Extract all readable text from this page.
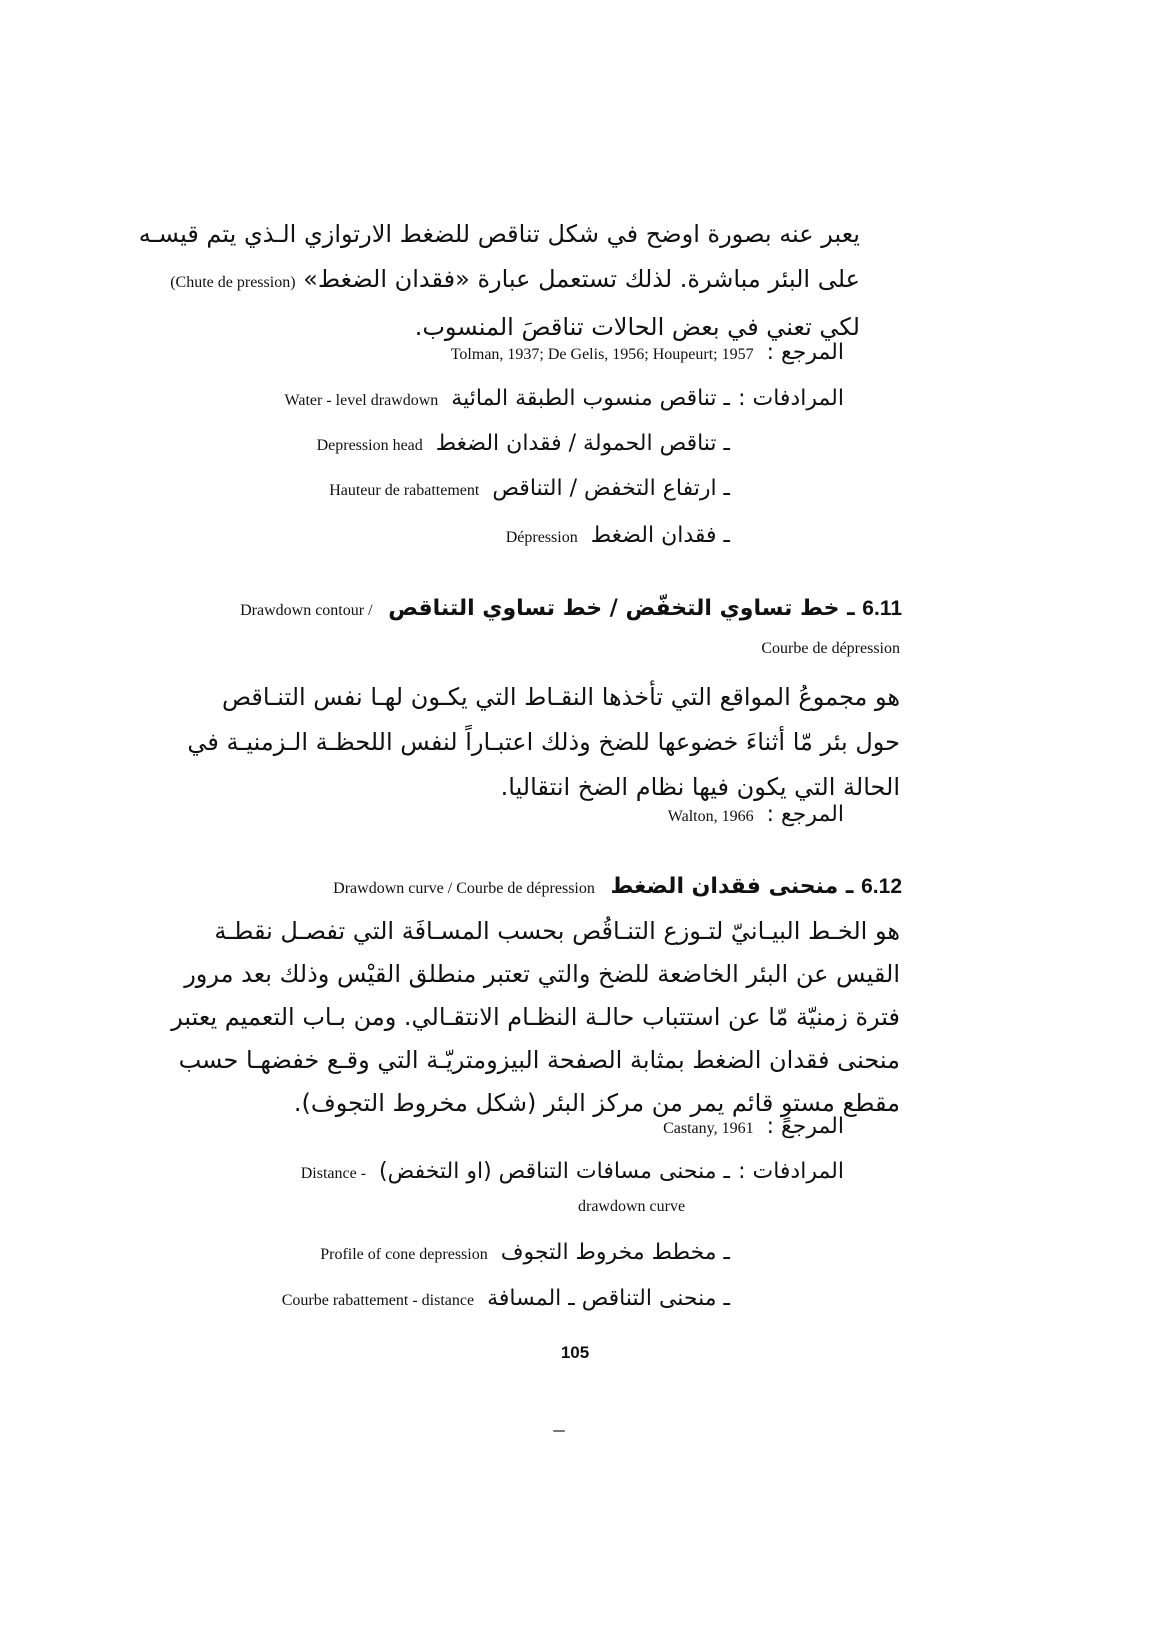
يعبر عنه بصورة اوضح في شكل تناقص للضغط الارتوازي الـذي يتم قيسـه
على البئر مباشرة. لذلك تستعمل عبارة «فقدان الضغط» (Chute de pression)
لكي تعني في بعض الحالات تناقصَ المنسوب.

المرجع : Tolman, 1937; De Gelis, 1956; Houpeurt; 1957
المرادفات :
ـ تناقص منسوب الطبقة المائية Water - level drawdown
ـ تناقص الحمولة / فقدان الضغط Depression head
ـ ارتفاع التخفض / التناقص Hauteur de rabattement
ـ فقدان الضغط Dépression
6.11 ـ خط تساوي التخفّض / خط تساوي التناقص Drawdown contour /
Courbe de dépression

هو مجموعُ المواقع التي تأخذها النقـاط التي يكـون لهـا نفس التنـاقص
حول بئر مّا أثناءَ خضوعها للضخ وذلك اعتبـاراً لنفس اللحظـة الـزمنيـة في
الحالة التي يكون فيها نظام الضخ انتقاليا.

المرجع : Walton, 1966
6.12 ـ منحنى فقدان الضغط Drawdown curve / Courbe de dépression

هو الخـط البيـانيّ لتـوزع التنـاقُص بحسب المسـافَة التي تفصـل نقطـة
القيس عن البئر الخاضعة للضخ والتي تعتبر منطلق القيْس وذلك بعد مرور
فترة زمنيّة مّا عن استتباب حالـة النظـام الانتقـالي. ومن بـاب التعميم يعتبر
منحنى فقدان الضغط بمثابة الصفحة البيزومتريّـة التي وقـع خفضهـا حسب
مقطع مستوٍ قائم يمر من مركز البئر (شكل مخروط التجوف).

المرجع : Castany, 1961
المرادفات :
ـ منحنى مسافات التناقص (او التخفض) Distance -
drawdown curve
ـ مخطط مخروط التجوف Profile of cone depression
ـ منحنى التناقص ـ المسافة Courbe rabattement - distance
105
